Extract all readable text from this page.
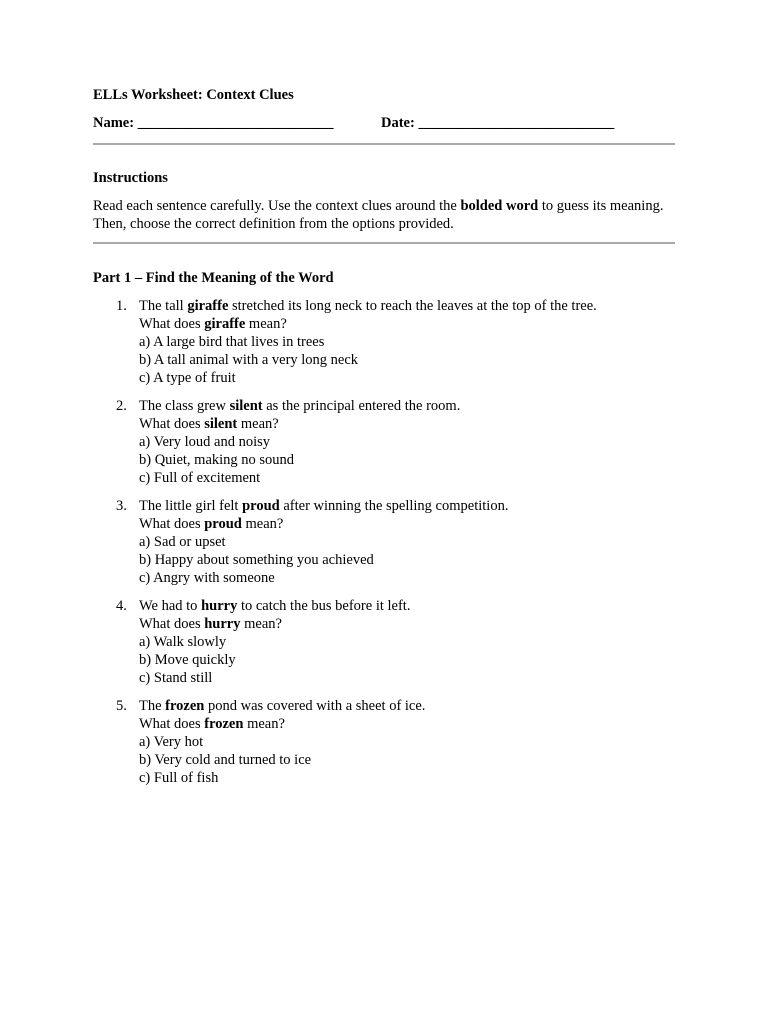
ELLs Worksheet: Context Clues
Name: ___________________________	Date: ___________________________
Instructions
Read each sentence carefully. Use the context clues around the bolded word to guess its meaning. Then, choose the correct definition from the options provided.
Part 1 – Find the Meaning of the Word
1. The tall giraffe stretched its long neck to reach the leaves at the top of the tree.
What does giraffe mean?
a) A large bird that lives in trees
b) A tall animal with a very long neck
c) A type of fruit
2. The class grew silent as the principal entered the room.
What does silent mean?
a) Very loud and noisy
b) Quiet, making no sound
c) Full of excitement
3. The little girl felt proud after winning the spelling competition.
What does proud mean?
a) Sad or upset
b) Happy about something you achieved
c) Angry with someone
4. We had to hurry to catch the bus before it left.
What does hurry mean?
a) Walk slowly
b) Move quickly
c) Stand still
5. The frozen pond was covered with a sheet of ice.
What does frozen mean?
a) Very hot
b) Very cold and turned to ice
c) Full of fish
